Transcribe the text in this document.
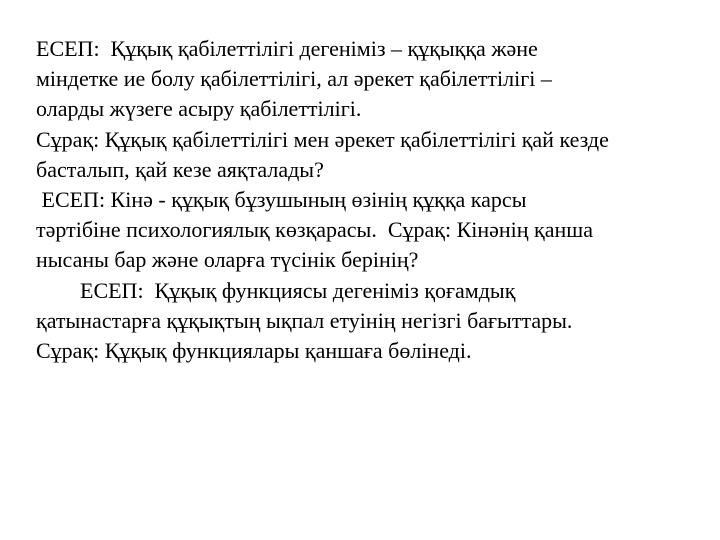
ЕСЕП:  Құқық қабілеттілігі дегеніміз – құқыққа және
міндетке ие болу қабілеттілігі, ал әрекет қабілеттілігі –
оларды жүзеге асыру қабілеттілігі.
Сұрақ: Құқық қабілеттілігі мен әрекет қабілеттілігі қай кезде
басталып, қай кезе аяқталады?
ЕСЕП: Кінә - құқық бұзушының өзінің құққа карсы
тәртібіне психологиялық көзқарасы.  Сұрақ: Кінәнің қанша
нысаны бар және оларға түсінік берінің?
ЕСЕП:  Құқық функциясы дегеніміз қоғамдық
қатынастарға құқықтың ықпал етуінің негізгі бағыттары.
Сұрақ: Құқық функциялары қаншаға бөлінеді.
